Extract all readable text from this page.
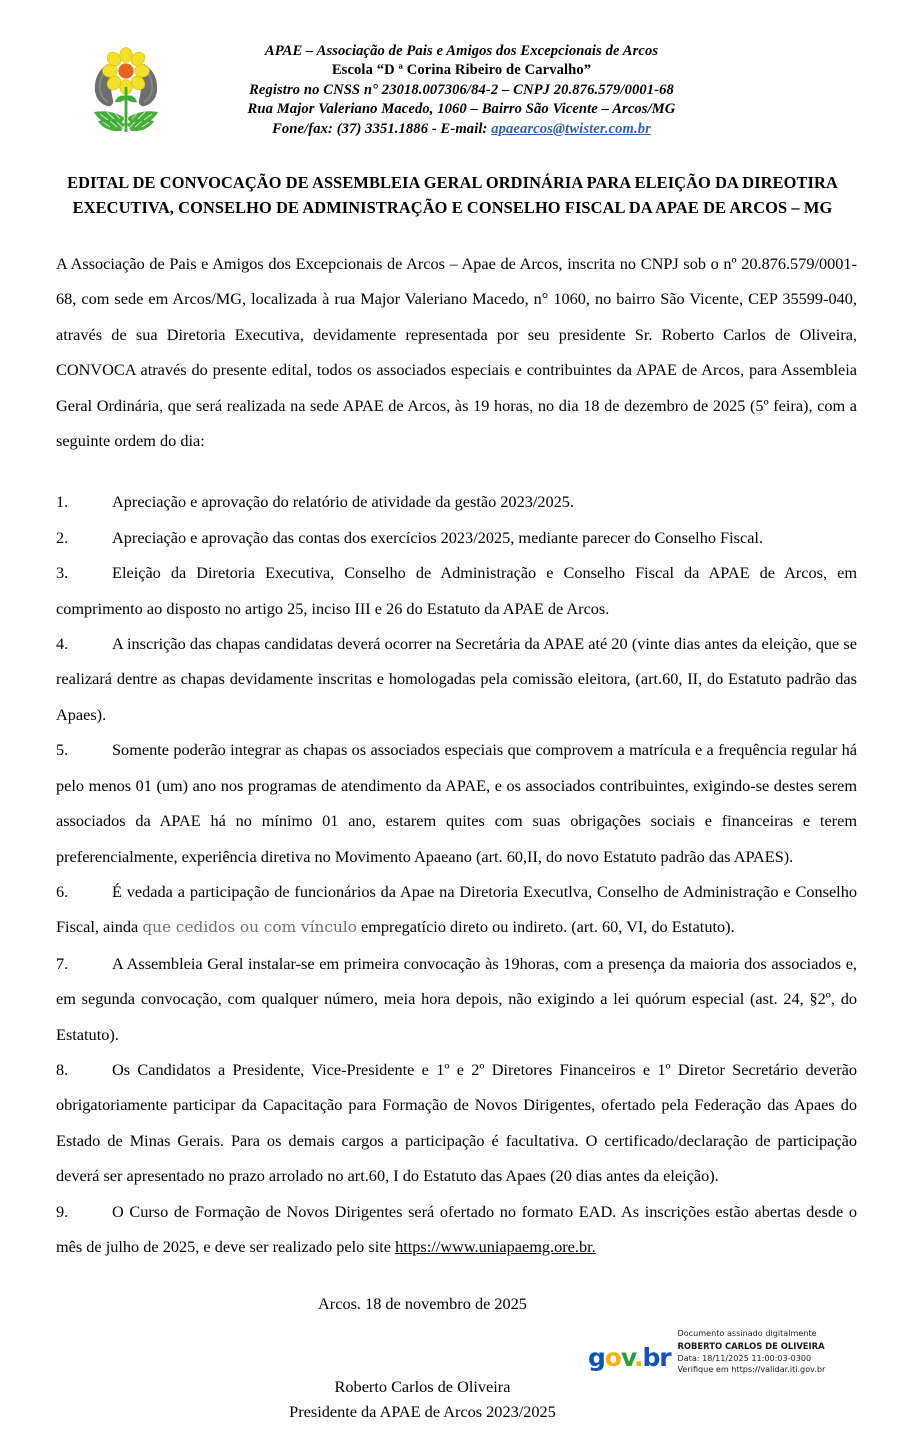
APAE – Associação de Pais e Amigos dos Excepcionais de Arcos
Escola “D ª Corina Ribeiro de Carvalho”
Registro no CNSS n° 23018.007306/84-2 – CNPJ 20.876.579/0001-68
Rua Major Valeriano Macedo, 1060 – Bairro São Vicente – Arcos/MG
Fone/fax: (37) 3351.1886 - E-mail: apaearcos@twister.com.br
EDITAL DE CONVOCAÇÃO DE ASSEMBLEIA GERAL ORDINÁRIA PARA ELEIÇÃO DA DIREOTIRA
EXECUTIVA, CONSELHO DE ADMINISTRAÇÃO E CONSELHO FISCAL DA APAE DE ARCOS – MG

A Associação de Pais e Amigos dos Excepcionais de Arcos – Apae de Arcos, inscrita no CNPJ sob o nº 20.876.579/0001-68, com sede em Arcos/MG, localizada à rua Major Valeriano Macedo, n° 1060, no bairro São Vicente, CEP 35599-040, através de sua Diretoria Executiva, devidamente representada por seu presidente Sr. Roberto Carlos de Oliveira, CONVOCA através do presente edital, todos os associados especiais e contribuintes da APAE de Arcos, para Assembleia Geral Ordinária, que será realizada na sede APAE de Arcos, às 19 horas, no dia 18 de dezembro de 2025 (5º feira), com a seguinte ordem do dia:

1.	Apreciação e aprovação do relatório de atividade da gestão 2023/2025.

2.	Apreciação e aprovação das contas dos exercícios 2023/2025, mediante parecer do Conselho Fiscal.

3.	Eleição da Diretoria Executiva, Conselho de Administração e Conselho Fiscal da APAE de Arcos, em comprimento ao disposto no artigo 25, inciso III e 26 do Estatuto da APAE de Arcos.

4.	A inscrição das chapas candidatas deverá ocorrer na Secretária da APAE até 20 (vinte dias antes da eleição, que se realizará dentre as chapas devidamente inscritas e homologadas pela comissão eleitora, (art.60, II, do Estatuto padrão das Apaes).

5.	Somente poderão integrar as chapas os associados especiais que comprovem a matrícula e a frequência regular há pelo menos 01 (um) ano nos programas de atendimento da APAE, e os associados contribuintes, exigindo-se destes serem associados da APAE há no mínimo 01 ano, estarem quites com suas obrigações sociais e financeiras e terem preferencialmente, experiência diretiva no Movimento Apaeano (art. 60,II, do novo Estatuto padrão das APAES).

6.	É vedada a participação de funcionários da Apae na Diretoria Executlva, Conselho de Administração e Conselho Fiscal, ainda que cedidos ou com vínculo empregatício direto ou indireto. (art. 60, VI, do Estatuto).

7.	A Assembleia Geral instalar-se em primeira convocação às 19horas, com a presença da maioria dos associados e, em segunda convocação, com qualquer número, meia hora depois, não exigindo a lei quórum especial (ast. 24, §2º, do Estatuto).

8.	Os Candidatos a Presidente, Vice-Presidente e 1º e 2º Diretores Financeiros e 1º Diretor Secretário deverão obrigatoriamente participar da Capacitação para Formação de Novos Dirigentes, ofertado pela Federação das Apaes do Estado de Minas Gerais. Para os demais cargos a participação é facultativa. O certificado/declaração de participação deverá ser apresentado no prazo arrolado no art.60, I do Estatuto das Apaes (20 dias antes da eleição).

9.	O Curso de Formação de Novos Dirigentes será ofertado no formato EAD. As inscrições estão abertas desde o mês de julho de 2025, e deve ser realizado pelo site https://www.uniapaemg.ore.br.

Arcos. 18 de novembro de 2025
gov.br
Documento assinado digitalmente
ROBERTO CARLOS DE OLIVEIRA
Data: 18/11/2025 11:00:03-0300
Verifique em https://validar.iti.gov.br
Roberto Carlos de Oliveira
Presidente da APAE de Arcos 2023/2025
